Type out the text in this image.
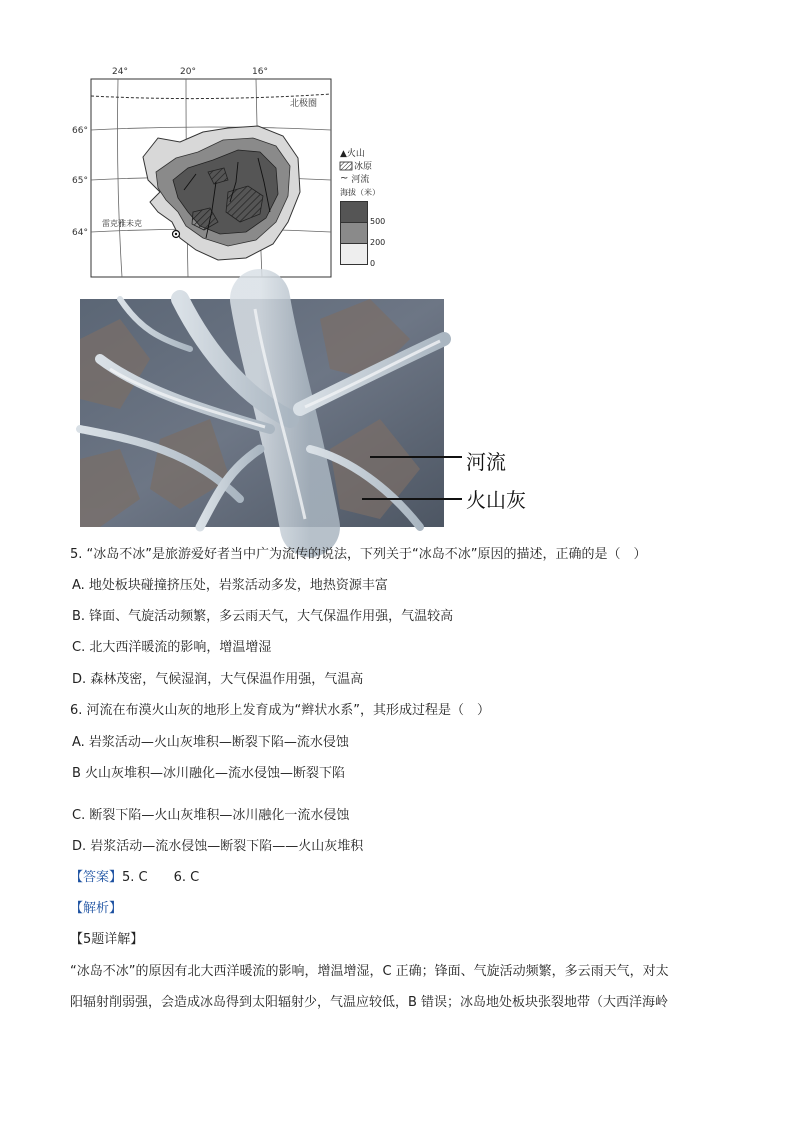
24°	20°	16°
66°
65°
64°
北极圈
雷克雅未克
▲火山
冰原
~ 河流
海拔（米）
500
200
0
河流
火山灰
5. “冰岛不冰”是旅游爱好者当中广为流传的说法，下列关于“冰岛不冰”原因的描述，正确的是（　）
A. 地处板块碰撞挤压处，岩浆活动多发，地热资源丰富
B. 锋面、气旋活动频繁，多云雨天气，大气保温作用强，气温较高
C. 北大西洋暖流的影响，增温增湿
D. 森林茂密，气候湿润，大气保温作用强，气温高
6. 河流在布漠火山灰的地形上发育成为“辫状水系”，其形成过程是（　）
A. 岩浆活动—火山灰堆积—断裂下陷—流水侵蚀
B 火山灰堆积—冰川融化—流水侵蚀—断裂下陷
C. 断裂下陷—火山灰堆积—冰川融化一流水侵蚀
D. 岩浆活动—流水侵蚀—断裂下陷——火山灰堆积
【答案】5. C　　6. C
【解析】
【5题详解】
“冰岛不冰”的原因有北大西洋暖流的影响，增温增湿，C 正确；锋面、气旋活动频繁，多云雨天气，对太
阳辐射削弱强，会造成冰岛得到太阳辐射少，气温应较低，B 错误；冰岛地处板块张裂地带（大西洋海岭
